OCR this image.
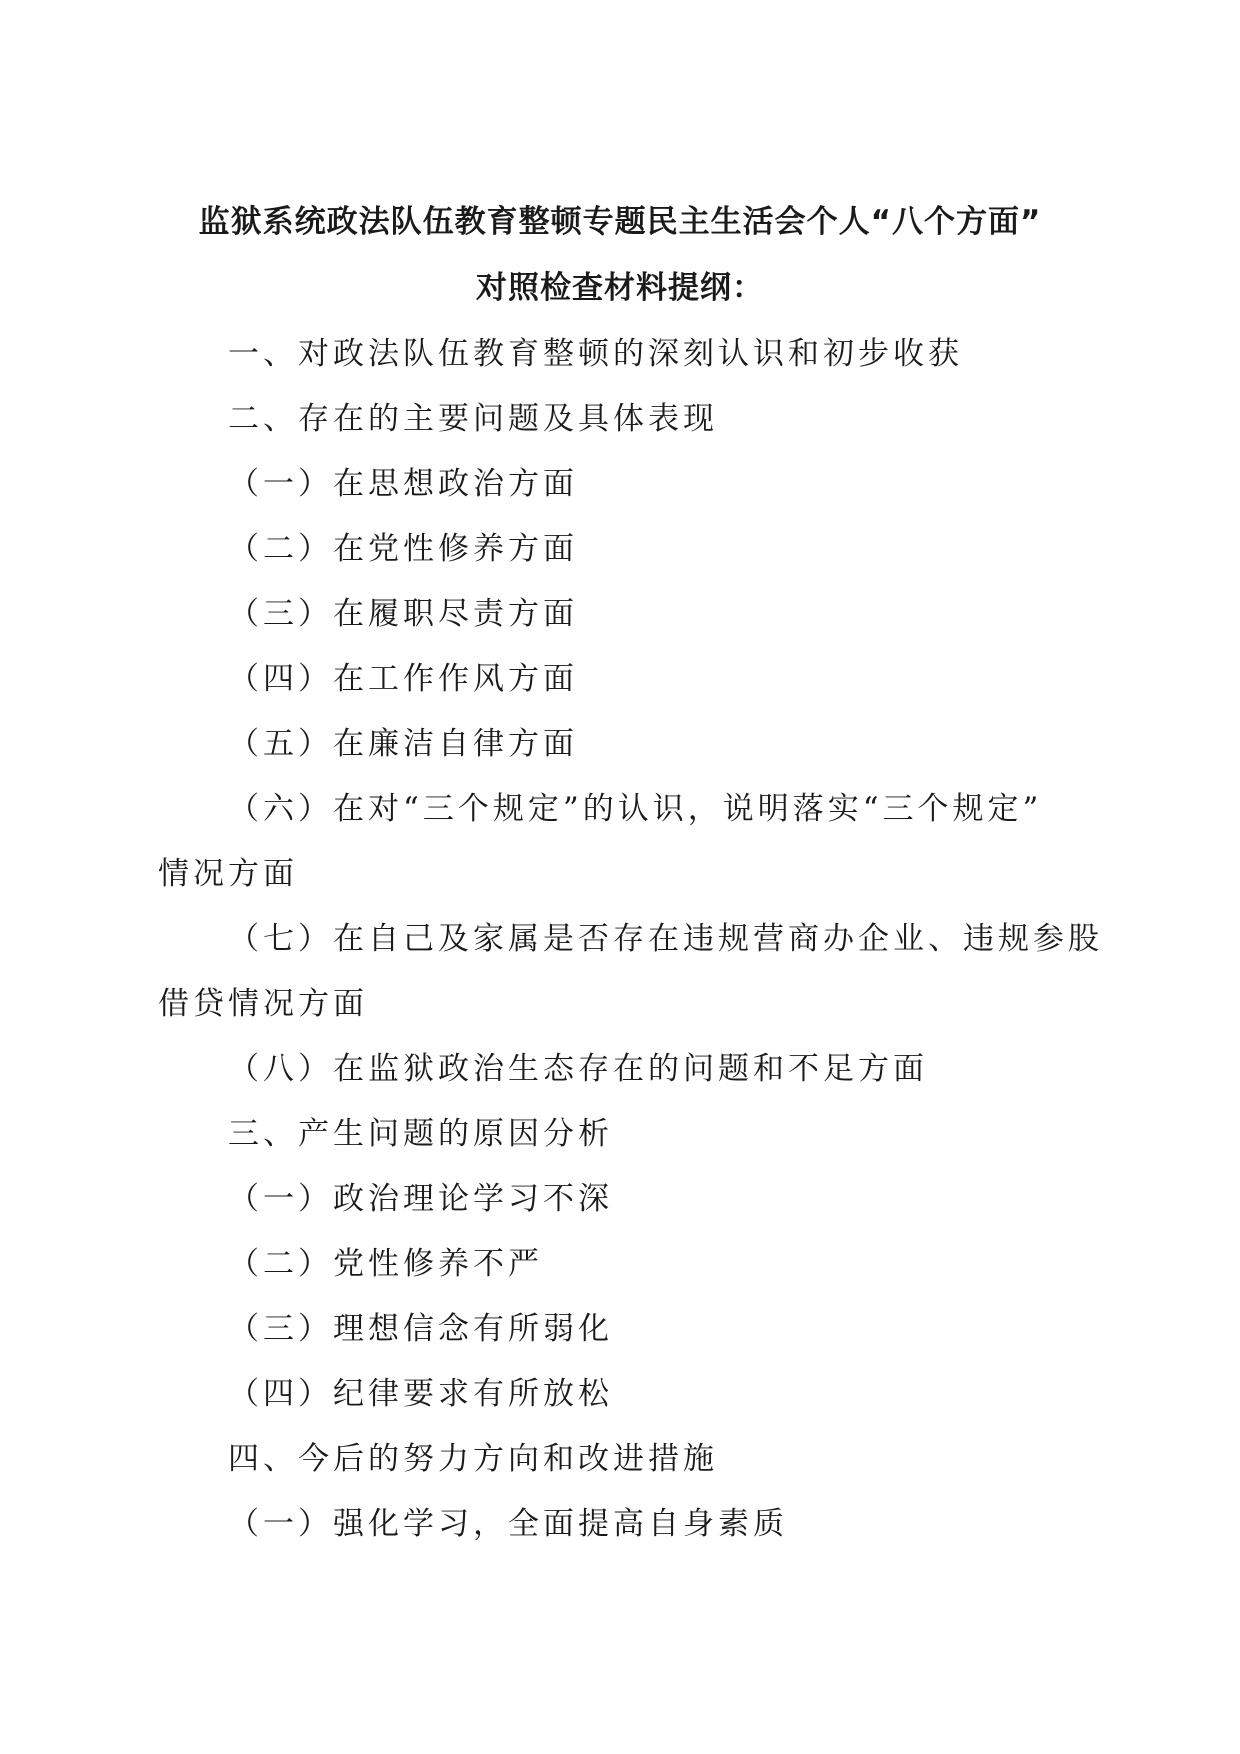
监狱系统政法队伍教育整顿专题民主生活会个人“八个方面”
对照检查材料提纲：
一、对政法队伍教育整顿的深刻认识和初步收获
二、存在的主要问题及具体表现
（一）在思想政治方面
（二）在党性修养方面
（三）在履职尽责方面
（四）在工作作风方面
（五）在廉洁自律方面
（六）在对“三个规定”的认识，说明落实“三个规定”
情况方面
（七）在自己及家属是否存在违规营商办企业、违规参股
借贷情况方面
（八）在监狱政治生态存在的问题和不足方面
三、产生问题的原因分析
（一）政治理论学习不深
（二）党性修养不严
（三）理想信念有所弱化
（四）纪律要求有所放松
四、今后的努力方向和改进措施
（一）强化学习，全面提高自身素质
